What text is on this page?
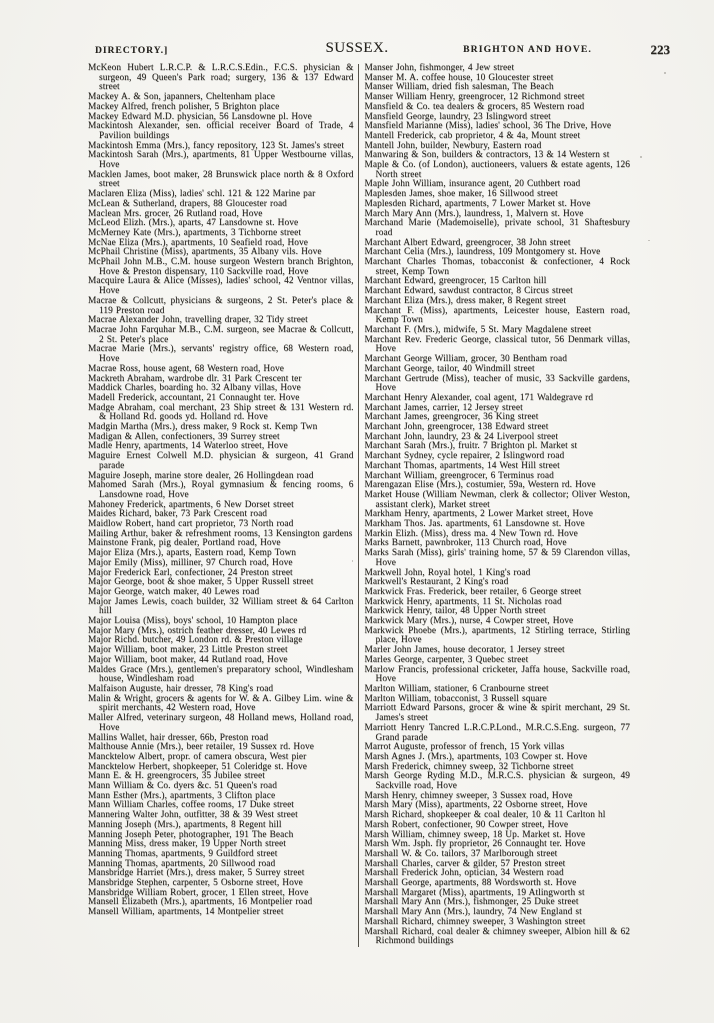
DIRECTORY.]	SUSSEX.	BRIGHTON AND HOVE.	223
McKeon Hubert L.R.C.P. & L.R.C.S.Edin., F.C.S. physician & surgeon, 49 Queen's Park road; surgery, 136 & 137 Edward street
Mackey A. & Son, japanners, Cheltenham place
Mackey Alfred, french polisher, 5 Brighton place
Mackey Edward M.D. physician, 56 Lansdowne pl. Hove
Mackintosh Alexander, sen. official receiver Board of Trade, 4 Pavilion buildings
Mackintosh Emma (Mrs.), fancy repository, 123 St. James's street
Mackintosh Sarah (Mrs.), apartments, 81 Upper Westbourne villas, Hove
Macklen James, boot maker, 28 Brunswick place north & 8 Oxford street
Maclaren Eliza (Miss), ladies' schl. 121 & 122 Marine par
McLean & Sutherland, drapers, 88 Gloucester road
Maclean Mrs. grocer, 26 Rutland road, Hove
McLeod Elizh. (Mrs.), aparts, 47 Lansdowne st. Hove
McMerney Kate (Mrs.), apartments, 3 Tichborne street
McNae Eliza (Mrs.), apartments, 10 Seafield road, Hove
McPhail Christine (Miss), apartments, 35 Albany vils. Hove
McPhail John M.B., C.M. house surgeon Western branch Brighton, Hove & Preston dispensary, 110 Sackville road, Hove
Macquire Laura & Alice (Misses), ladies' school, 42 Ventnor villas, Hove
Macrae & Collcutt, physicians & surgeons, 2 St. Peter's place & 119 Preston road
Macrae Alexander John, travelling draper, 32 Tidy street
Macrae John Farquhar M.B., C.M. surgeon, see Macrae & Collcutt, 2 St. Peter's place
Macrae Marie (Mrs.), servants' registry office, 68 Western road, Hove
Macrae Ross, house agent, 68 Western road, Hove
Mackreth Abraham, wardrobe dlr. 31 Park Crescent ter
Maddick Charles, boarding ho. 32 Albany villas, Hove
Madell Frederick, accountant, 21 Connaught ter. Hove
Madge Abraham, coal merchant, 23 Ship street & 131 Western rd. & Holland Rd. goods yd. Holland rd. Hove
Madgin Martha (Mrs.), dress maker, 9 Rock st. Kemp Twn
Madigan & Allen, confectioners, 39 Surrey street
Madle Henry, apartments, 14 Waterloo street, Hove
Maguire Ernest Colwell M.D. physician & surgeon, 41 Grand parade
Maguire Joseph, marine store dealer, 26 Hollingdean road
Mahomed Sarah (Mrs.), Royal gymnasium & fencing rooms, 6 Lansdowne road, Hove
Mahoney Frederick, apartments, 6 New Dorset street
Maides Richard, baker, 73 Park Crescent road
Maidlow Robert, hand cart proprietor, 73 North road
Mailing Arthur, baker & refreshment rooms, 13 Kensington gardens
Mainstone Frank, pig dealer, Portland road, Hove
Major Eliza (Mrs.), aparts, Eastern road, Kemp Town
Major Emily (Miss), milliner, 97 Church road, Hove
Major Frederick Earl, confectioner, 24 Preston street
Major George, boot & shoe maker, 5 Upper Russell street
Major George, watch maker, 40 Lewes road
Major James Lewis, coach builder, 32 William street & 64 Carlton hill
Major Louisa (Miss), boys' school, 10 Hampton place
Major Mary (Mrs.), ostrich feather dresser, 40 Lewes rd
Major Richd. butcher, 49 London rd. & Preston village
Major William, boot maker, 23 Little Preston street
Major William, boot maker, 44 Rutland road, Hove
Maldes Grace (Mrs.), gentlemen's preparatory school, Windlesham house, Windlesham road
Malfaison Auguste, hair dresser, 78 King's road
Malin & Wright, grocers & agents for W. & A. Gilbey Lim. wine & spirit merchants, 42 Western road, Hove
Maller Alfred, veterinary surgeon, 48 Holland mews, Holland road, Hove
Mallins Wallet, hair dresser, 66b, Preston road
Malthouse Annie (Mrs.), beer retailer, 19 Sussex rd. Hove
Mancktelow Albert, propr. of camera obscura, West pier
Mancktelow Herbert, shopkeeper, 51 Coleridge st. Hove
Mann E. & H. greengrocers, 35 Jubilee street
Mann William & Co. dyers &c. 51 Queen's road
Mann Esther (Mrs.), apartments, 3 Clifton place
Mann William Charles, coffee rooms, 17 Duke street
Mannering Walter John, outfitter, 38 & 39 West street
Manning Joseph (Mrs.), apartments, 8 Regent hill
Manning Joseph Peter, photographer, 191 The Beach
Manning Miss, dress maker, 19 Upper North street
Manning Thomas, apartments, 9 Guildford street
Manning Thomas, apartments, 20 Sillwood road
Mansbridge Harriet (Mrs.), dress maker, 5 Surrey street
Mansbridge Stephen, carpenter, 5 Osborne street, Hove
Mansbridge William Robert, grocer, 1 Ellen street, Hove
Mansell Elizabeth (Mrs.), apartments, 16 Montpelier road
Mansell William, apartments, 14 Montpelier street
Manser John, fishmonger, 4 Jew street
Manser M. A. coffee house, 10 Gloucester street
Manser William, dried fish salesman, The Beach
Manser William Henry, greengrocer, 12 Richmond street
Mansfield & Co. tea dealers & grocers, 85 Western road
Mansfield George, laundry, 23 Islingword street
Mansfield Marianne (Miss), ladies' school, 36 The Drive, Hove
Mantell Frederick, cab proprietor, 4 & 4a, Mount street
Mantell John, builder, Newbury, Eastern road
Manwaring & Son, builders & contractors, 13 & 14 Western st
Maple & Co. (of London), auctioneers, valuers & estate agents, 126 North street
Maple John William, insurance agent, 20 Cuthbert road
Maplesden James, shoe maker, 16 Sillwood street
Maplesden Richard, apartments, 7 Lower Market st. Hove
March Mary Ann (Mrs.), laundress, 1, Malvern st. Hove
Marchand Marie (Mademoiselle), private school, 31 Shaftesbury road
Marchant Albert Edward, greengrocer, 38 John street
Marchant Celia (Mrs.), laundress, 109 Montgomery st. Hove
Marchant Charles Thomas, tobacconist & confectioner, 4 Rock street, Kemp Town
Marchant Edward, greengrocer, 15 Carlton hill
Marchant Edward, sawdust contractor, 8 Circus street
Marchant Eliza (Mrs.), dress maker, 8 Regent street
Marchant F. (Miss), apartments, Leicester house, Eastern road, Kemp Town
Marchant F. (Mrs.), midwife, 5 St. Mary Magdalene street
Marchant Rev. Frederic George, classical tutor, 56 Denmark villas, Hove
Marchant George William, grocer, 30 Bentham road
Marchant George, tailor, 40 Windmill street
Marchant Gertrude (Miss), teacher of music, 33 Sackville gardens, Hove
Marchant Henry Alexander, coal agent, 171 Waldegrave rd
Marchant James, carrier, 12 Jersey street
Marchant James, greengrocer, 36 King street
Marchant John, greengrocer, 138 Edward street
Marchant John, laundry, 23 & 24 Liverpool street
Marchant Sarah (Mrs.), fruitr. 7 Brighton pl. Market st
Marchant Sydney, cycle repairer, 2 Islingword road
Marchant Thomas, apartments, 14 West Hill street
Marchant William, greengrocer, 6 Terminus road
Marengazan Elise (Mrs.), costumier, 59a, Western rd. Hove
Market House (William Newman, clerk & collector; Oliver Weston, assistant clerk), Market street
Markham Henry, apartments, 2 Lower Market street, Hove
Markham Thos. Jas. apartments, 61 Lansdowne st. Hove
Markin Elizh. (Miss), dress ma. 4 New Town rd. Hove
Marks Barnett, pawnbroker, 113 Church road, Hove
Marks Sarah (Miss), girls' training home, 57 & 59 Clarendon villas, Hove
Markwell John, Royal hotel, 1 King's road
Markwell's Restaurant, 2 King's road
Markwick Fras. Frederick, beer retailer, 6 George street
Markwick Henry, apartments, 11 St. Nicholas road
Markwick Henry, tailor, 48 Upper North street
Markwick Mary (Mrs.), nurse, 4 Cowper street, Hove
Markwick Phoebe (Mrs.), apartments, 12 Stirling terrace, Stirling place, Hove
Marler John James, house decorator, 1 Jersey street
Marles George, carpenter, 3 Quebec street
Marlow Francis, professional cricketer, Jaffa house, Sackville road, Hove
Marlton William, stationer, 6 Cranbourne street
Marlton William, tobacconist, 3 Russell square
Marriott Edward Parsons, grocer & wine & spirit merchant, 29 St. James's street
Marriott Henry Tancred L.R.C.P.Lond., M.R.C.S.Eng. surgeon, 77 Grand parade
Marrot Auguste, professor of french, 15 York villas
Marsh Agnes J. (Mrs.), apartments, 103 Cowper st. Hove
Marsh Frederick, chimney sweep, 32 Tichborne street
Marsh George Ryding M.D., M.R.C.S. physician & surgeon, 49 Sackville road, Hove
Marsh Henry, chimney sweeper, 3 Sussex road, Hove
Marsh Mary (Miss), apartments, 22 Osborne street, Hove
Marsh Richard, shopkeeper & coal dealer, 10 & 11 Carlton hl
Marsh Robert, confectioner, 90 Cowper street, Hove
Marsh William, chimney sweep, 18 Up. Market st. Hove
Marsh Wm. Jsph. fly proprietor, 26 Connaught ter. Hove
Marshall W. & Co. tailors, 37 Marlborough street
Marshall Charles, carver & gilder, 57 Preston street
Marshall Frederick John, optician, 34 Western road
Marshall George, apartments, 88 Wordsworth st. Hove
Marshall Margaret (Miss), apartments, 19 Atlingworth st
Marshall Mary Ann (Mrs.), fishmonger, 25 Duke street
Marshall Mary Ann (Mrs.), laundry, 74 New England st
Marshall Richard, chimney sweeper, 3 Washington street
Marshall Richard, coal dealer & chimney sweeper, Albion hill & 62 Richmond buildings
